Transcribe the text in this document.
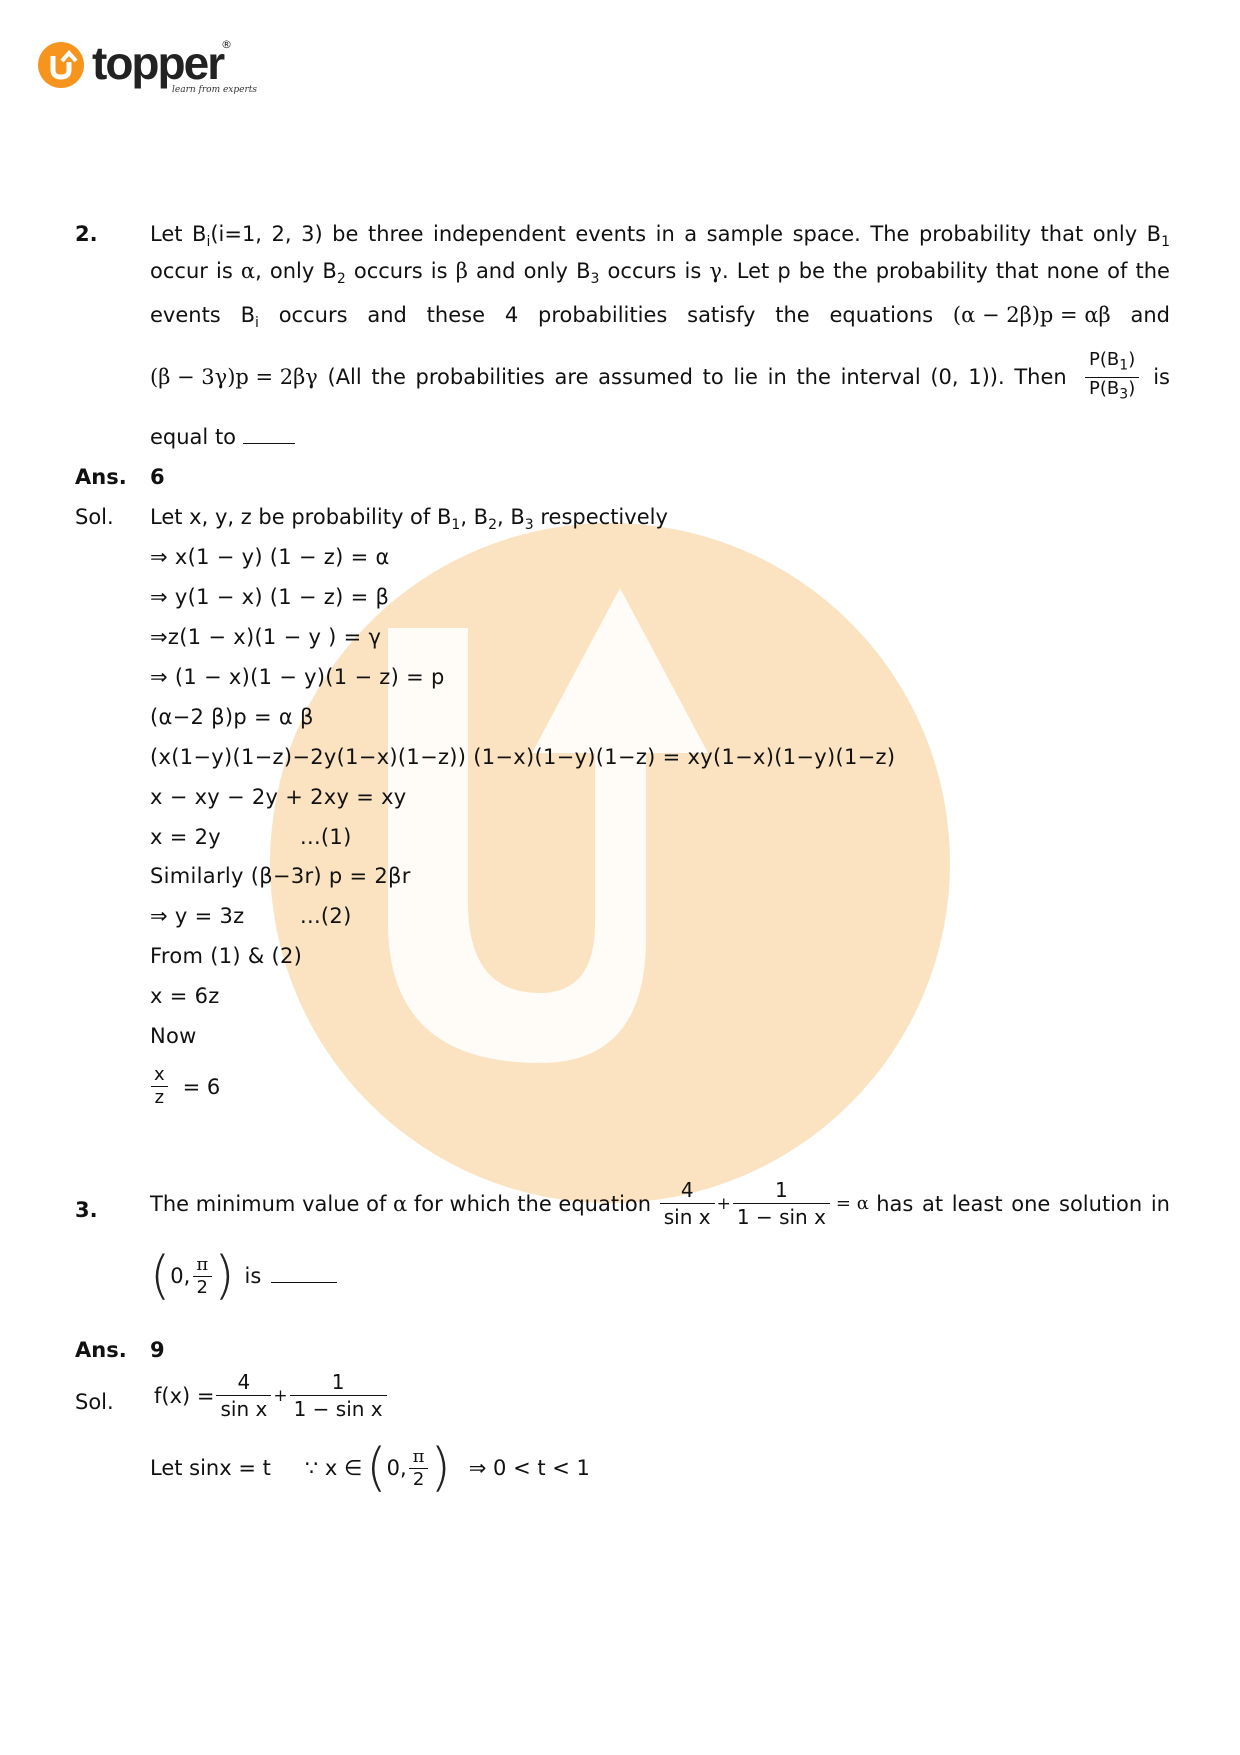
topper
®
learn from experts
2. Let $B_i(i=1$, 2, 3) be three independent events in a sample space. The probability that only $B_1$
occur is α, only $B_2$ occurs is β and only $B_3$ occurs is γ. Let p be the probability that none of the
events $B_i$ occurs and these 4 probabilities satisfy the equations (α − 2β)p = αβ and
(β − 3γ)p = 2βγ (All the probabilities are assumed to lie in the interval (0, 1)). Then $\frac{P(B_1)}{P(B_3)}$ is
equal to
Ans. 6
Sol. Let x, y, z be probability of $B_1$, $B_2$, $B_3$ respectively
⇒ x(1 − y) (1 − z) = α
⇒ y(1 − x) (1 − z) = β
⇒z(1 − x)(1 − y ) = γ
⇒ (1 − x)(1 − y)(1 − z) = p
(α−2 β)p = α β
(x(1−y)(1−z)−2y(1−x)(1−z)) (1−x)(1−y)(1−z) = xy(1−x)(1−y)(1−z)
x − xy − 2y + 2xy = xy
x = 2y	...(1)
Similarly (β−3r) p = 2βr
⇒ y = 3z	...(2)
From (1) & (2)
x = 6z
Now
$\frac{x}{z} = 6$
3. The minimum value of α for which the equation $\frac{4}{\text{sin x}} + \frac{1}{\text{1 − sin x}} = \alpha$ has at least one solution in
( 0, $\frac{\pi}{2}$ ) is
Ans. 9
Sol. $f(x) = \frac{4}{\text{sin x}} + \frac{1}{\text{1 − sin x}}$
Let sinx = t ∵ x ∈ ( 0, $\frac{\pi}{2}$ ) ⇒ 0 < t < 1
